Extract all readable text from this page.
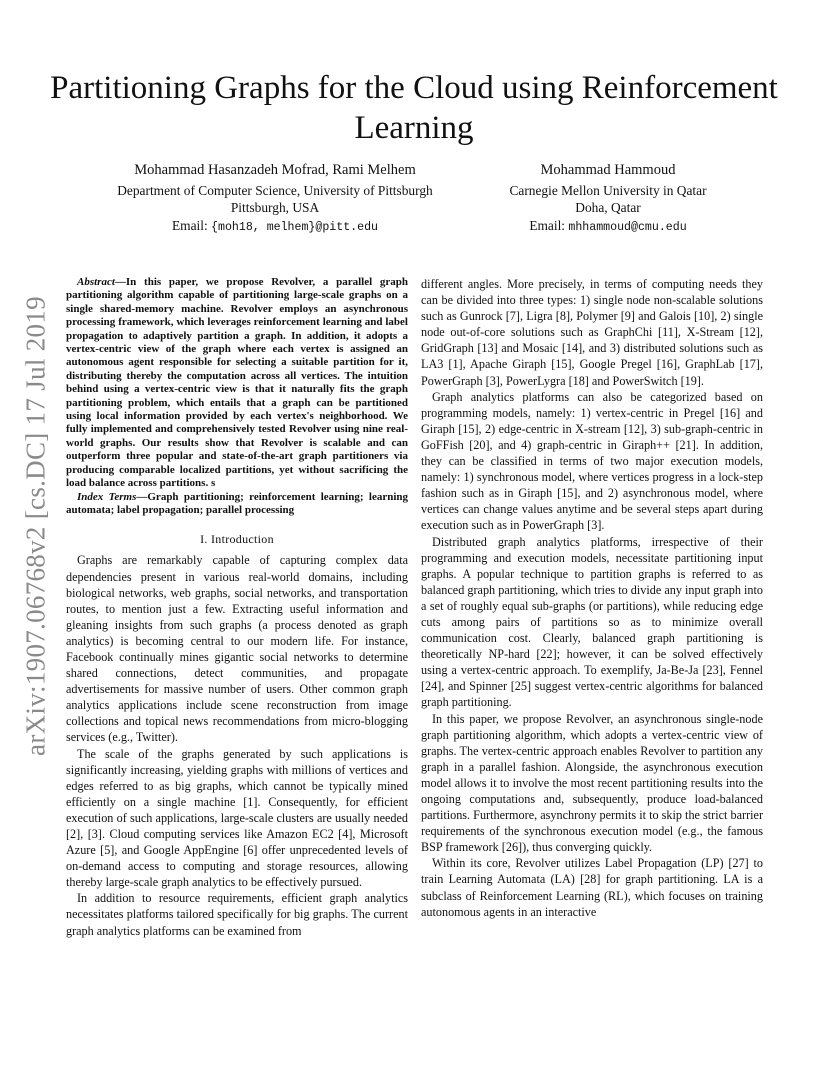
Partitioning Graphs for the Cloud using Reinforcement Learning
arXiv:1907.06768v2 [cs.DC] 17 Jul 2019
Mohammad Hasanzadeh Mofrad, Rami Melhem
Department of Computer Science, University of Pittsburgh
Pittsburgh, USA
Email: {moh18, melhem}@pitt.edu
Mohammad Hammoud
Carnegie Mellon University in Qatar
Doha, Qatar
Email: mhhammoud@cmu.edu

Abstract—In this paper, we propose Revolver, a parallel graph partitioning algorithm capable of partitioning large-scale graphs on a single shared-memory machine. Revolver employs an asynchronous processing framework, which leverages reinforcement learning and label propagation to adaptively partition a graph. In addition, it adopts a vertex-centric view of the graph where each vertex is assigned an autonomous agent responsible for selecting a suitable partition for it, distributing thereby the computation across all vertices. The intuition behind using a vertex-centric view is that it naturally fits the graph partitioning problem, which entails that a graph can be partitioned using local information provided by each vertex's neighborhood. We fully implemented and comprehensively tested Revolver using nine real-world graphs. Our results show that Revolver is scalable and can outperform three popular and state-of-the-art graph partitioners via producing comparable localized partitions, yet without sacrificing the load balance across partitions. s

Index Terms—Graph partitioning; reinforcement learning; learning automata; label propagation; parallel processing

I. Introduction

Graphs are remarkably capable of capturing complex data dependencies present in various real-world domains, including biological networks, web graphs, social networks, and transportation routes, to mention just a few. Extracting useful information and gleaning insights from such graphs (a process denoted as graph analytics) is becoming central to our modern life. For instance, Facebook continually mines gigantic social networks to determine shared connections, detect communities, and propagate advertisements for massive number of users. Other common graph analytics applications include scene reconstruction from image collections and topical news recommendations from micro-blogging services (e.g., Twitter).

The scale of the graphs generated by such applications is significantly increasing, yielding graphs with millions of vertices and edges referred to as big graphs, which cannot be typically mined efficiently on a single machine [1]. Consequently, for efficient execution of such applications, large-scale clusters are usually needed [2], [3]. Cloud computing services like Amazon EC2 [4], Microsoft Azure [5], and Google AppEngine [6] offer unprecedented levels of on-demand access to computing and storage resources, allowing thereby large-scale graph analytics to be effectively pursued.

In addition to resource requirements, efficient graph analytics necessitates platforms tailored specifically for big graphs. The current graph analytics platforms can be examined from

different angles. More precisely, in terms of computing needs they can be divided into three types: 1) single node non-scalable solutions such as Gunrock [7], Ligra [8], Polymer [9] and Galois [10], 2) single node out-of-core solutions such as GraphChi [11], X-Stream [12], GridGraph [13] and Mosaic [14], and 3) distributed solutions such as LA3 [1], Apache Giraph [15], Google Pregel [16], GraphLab [17], PowerGraph [3], PowerLygra [18] and PowerSwitch [19].

Graph analytics platforms can also be categorized based on programming models, namely: 1) vertex-centric in Pregel [16] and Giraph [15], 2) edge-centric in X-stream [12], 3) sub-graph-centric in GoFFish [20], and 4) graph-centric in Giraph++ [21]. In addition, they can be classified in terms of two major execution models, namely: 1) synchronous model, where vertices progress in a lock-step fashion such as in Giraph [15], and 2) asynchronous model, where vertices can change values anytime and be several steps apart during execution such as in PowerGraph [3].

Distributed graph analytics platforms, irrespective of their programming and execution models, necessitate partitioning input graphs. A popular technique to partition graphs is referred to as balanced graph partitioning, which tries to divide any input graph into a set of roughly equal sub-graphs (or partitions), while reducing edge cuts among pairs of partitions so as to minimize overall communication cost. Clearly, balanced graph partitioning is theoretically NP-hard [22]; however, it can be solved effectively using a vertex-centric approach. To exemplify, Ja-Be-Ja [23], Fennel [24], and Spinner [25] suggest vertex-centric algorithms for balanced graph partitioning.

In this paper, we propose Revolver, an asynchronous single-node graph partitioning algorithm, which adopts a vertex-centric view of graphs. The vertex-centric approach enables Revolver to partition any graph in a parallel fashion. Alongside, the asynchronous execution model allows it to involve the most recent partitioning results into the ongoing computations and, subsequently, produce load-balanced partitions. Furthermore, asynchrony permits it to skip the strict barrier requirements of the synchronous execution model (e.g., the famous BSP framework [26]), thus converging quickly.

Within its core, Revolver utilizes Label Propagation (LP) [27] to train Learning Automata (LA) [28] for graph partitioning. LA is a subclass of Reinforcement Learning (RL), which focuses on training autonomous agents in an interactive
